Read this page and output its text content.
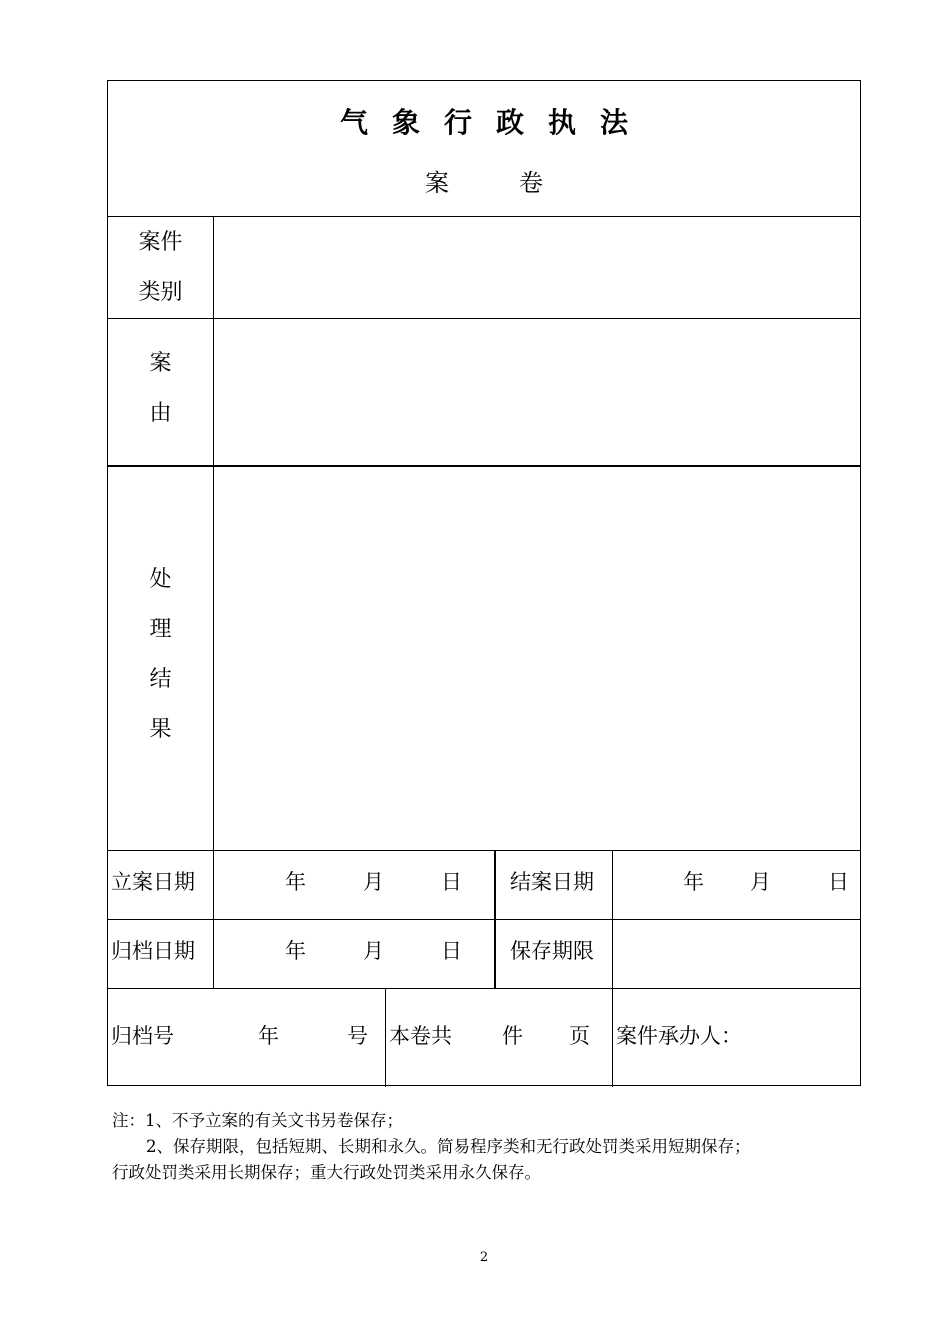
气象行政执法
案卷
案件
类别
案
由
处
理
结
果
立案日期	年	月	日 结案日期	年 月	日
归档日期	年	月	日 保存期限
归档号	年	号 本卷共 件 页 案件承办人：
注：1、不予立案的有关文书另卷保存；
2、保存期限，包括短期、长期和永久。简易程序类和无行政处罚类采用短期保存；
行政处罚类采用长期保存；重大行政处罚类采用永久保存。
2
